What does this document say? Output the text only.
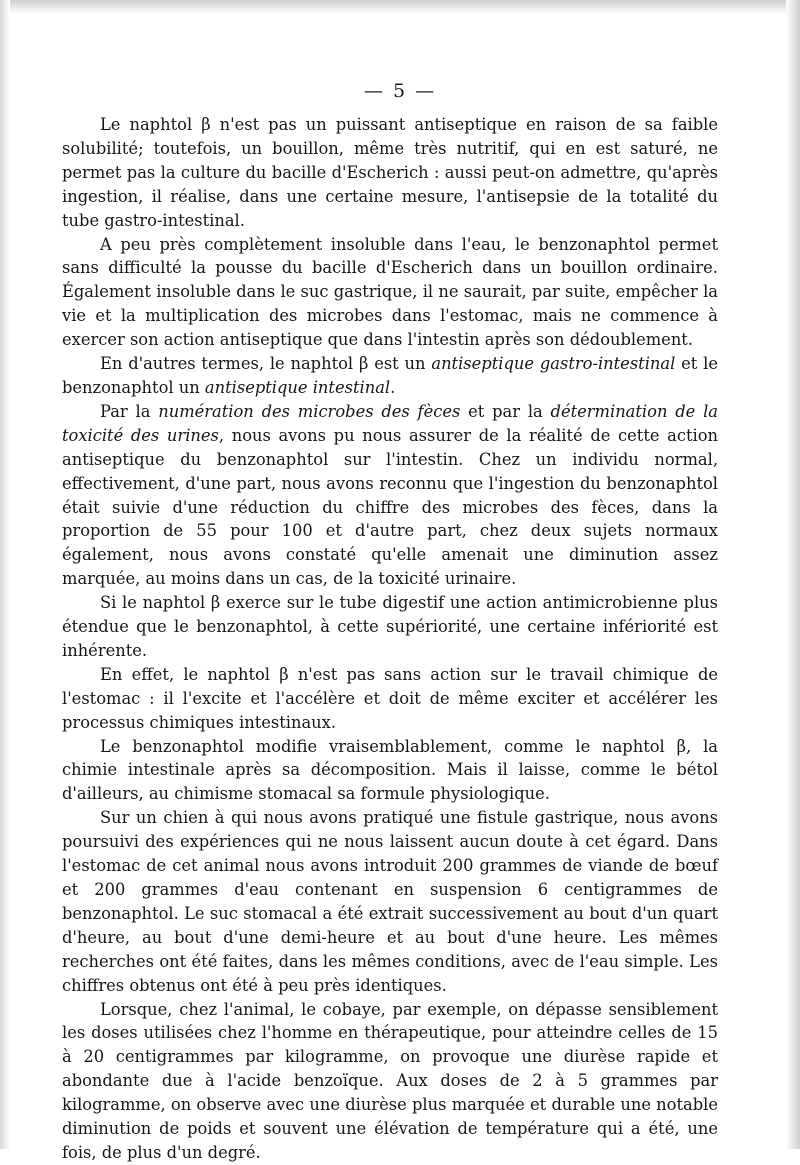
— 5 —

Le naphtol β n'est pas un puissant antiseptique en raison de sa faible solubilité; toutefois, un bouillon, même très nutritif, qui en est saturé, ne permet pas la culture du bacille d'Escherich : aussi peut-on admettre, qu'après ingestion, il réalise, dans une certaine mesure, l'antisepsie de la totalité du tube gastro-intestinal.

A peu près complètement insoluble dans l'eau, le benzonaphtol permet sans difficulté la pousse du bacille d'Escherich dans un bouillon ordinaire. Également insoluble dans le suc gastrique, il ne saurait, par suite, empêcher la vie et la multiplication des microbes dans l'estomac, mais ne commence à exercer son action antiseptique que dans l'intestin après son dédoublement.

En d'autres termes, le naphtol β est un antiseptique gastro-intestinal et le benzonaphtol un antiseptique intestinal.

Par la numération des microbes des fèces et par la détermination de la toxicité des urines, nous avons pu nous assurer de la réalité de cette action antiseptique du benzonaphtol sur l'intestin. Chez un individu normal, effectivement, d'une part, nous avons reconnu que l'ingestion du benzonaphtol était suivie d'une réduction du chiffre des microbes des fèces, dans la proportion de 55 pour 100 et d'autre part, chez deux sujets normaux également, nous avons constaté qu'elle amenait une diminution assez marquée, au moins dans un cas, de la toxicité urinaire.

Si le naphtol β exerce sur le tube digestif une action antimicrobienne plus étendue que le benzonaphtol, à cette supériorité, une certaine infériorité est inhérente.

En effet, le naphtol β n'est pas sans action sur le travail chimique de l'estomac : il l'excite et l'accélère et doit de même exciter et accélérer les processus chimiques intestinaux.

Le benzonaphtol modifie vraisemblablement, comme le naphtol β, la chimie intestinale après sa décomposition. Mais il laisse, comme le bétol d'ailleurs, au chimisme stomacal sa formule physiologique.

Sur un chien à qui nous avons pratiqué une fistule gastrique, nous avons poursuivi des expériences qui ne nous laissent aucun doute à cet égard. Dans l'estomac de cet animal nous avons introduit 200 grammes de viande de bœuf et 200 grammes d'eau contenant en suspension 6 centigrammes de benzonaphtol. Le suc stomacal a été extrait successivement au bout d'un quart d'heure, au bout d'une demi-heure et au bout d'une heure. Les mêmes recherches ont été faites, dans les mêmes conditions, avec de l'eau simple. Les chiffres obtenus ont été à peu près identiques.

Lorsque, chez l'animal, le cobaye, par exemple, on dépasse sensiblement les doses utilisées chez l'homme en thérapeutique, pour atteindre celles de 15 à 20 centigrammes par kilogramme, on provoque une diurèse rapide et abondante due à l'acide benzoïque. Aux doses de 2 à 5 grammes par kilogramme, on observe avec une diurèse plus marquée et durable une notable diminution de poids et souvent une élévation de température qui a été, une fois, de plus d'un degré.
